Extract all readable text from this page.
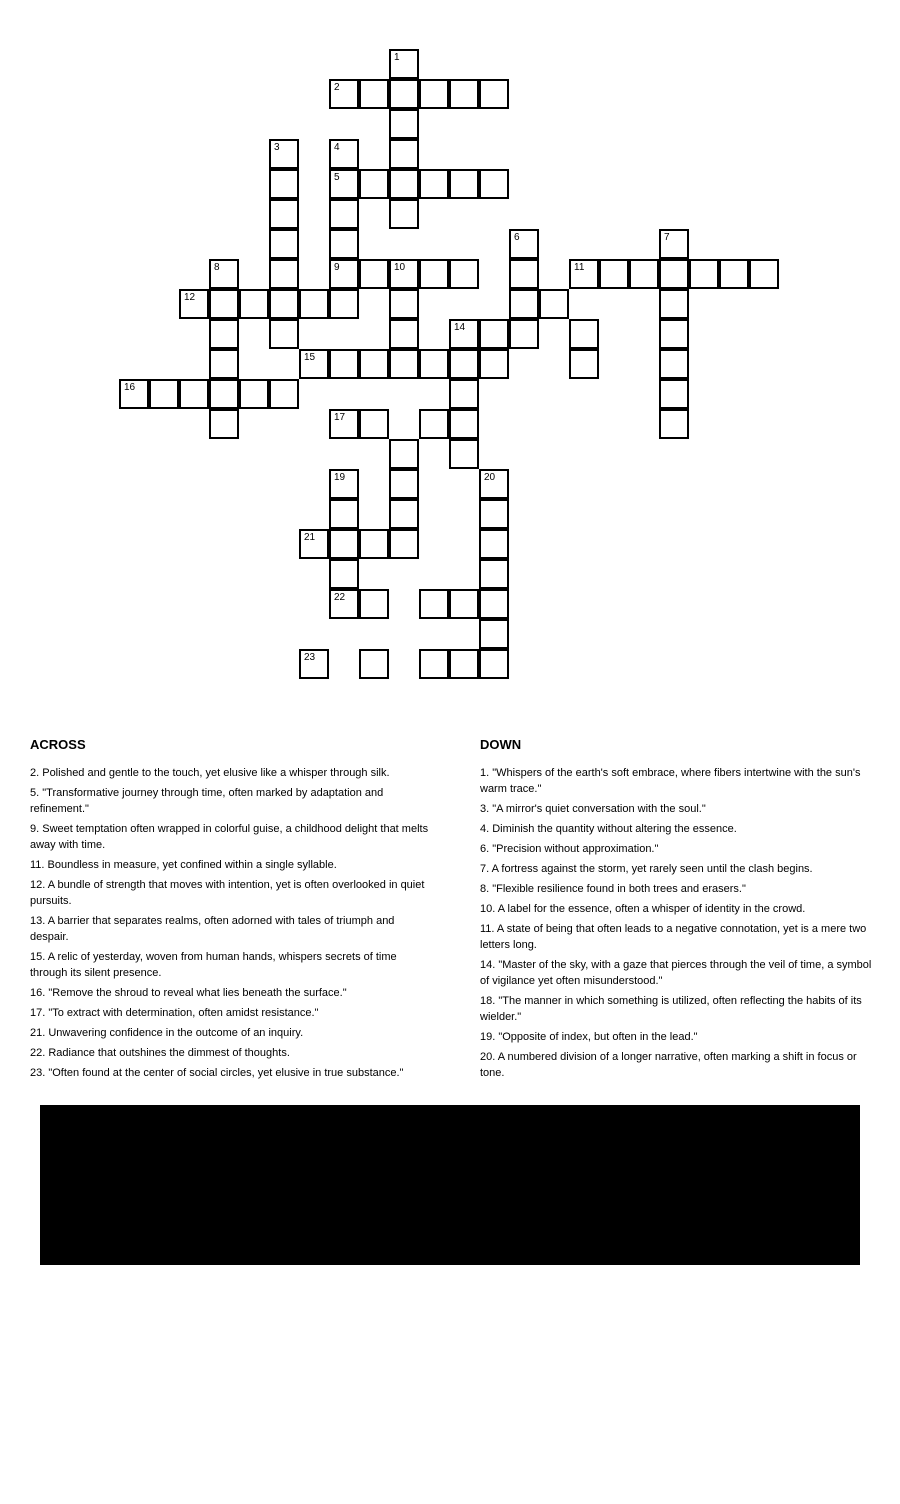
1
2
3	4
5
9
6	7
8	10	11
12
14
15
16
17
19
22
20
21
23
ACROSS
2. Polished and gentle to the touch, yet elusive like a whisper through silk.
5. "Transformative journey through time, often marked by adaptation and refinement."
9. Sweet temptation often wrapped in colorful guise, a childhood delight that melts away with time.
11. Boundless in measure, yet confined within a single syllable.
12. A bundle of strength that moves with intention, yet is often overlooked in quiet pursuits.
13. A barrier that separates realms, often adorned with tales of triumph and despair.
15. A relic of yesterday, woven from human hands, whispers secrets of time through its silent presence.
16. "Remove the shroud to reveal what lies beneath the surface."
17. "To extract with determination, often amidst resistance."
21. Unwavering confidence in the outcome of an inquiry.
22. Radiance that outshines the dimmest of thoughts.
23. "Often found at the center of social circles, yet elusive in true substance."
DOWN
1. "Whispers of the earth's soft embrace, where fibers intertwine with the sun's warm trace."
3. "A mirror's quiet conversation with the soul."
4. Diminish the quantity without altering the essence.
6. "Precision without approximation."
7. A fortress against the storm, yet rarely seen until the clash begins.
8. "Flexible resilience found in both trees and erasers."
10. A label for the essence, often a whisper of identity in the crowd.
11. A state of being that often leads to a negative connotation, yet is a mere two letters long.
14. "Master of the sky, with a gaze that pierces through the veil of time, a symbol of vigilance yet often misunderstood."
18. "The manner in which something is utilized, often reflecting the habits of its wielder."
19. "Opposite of index, but often in the lead."
20. A numbered division of a longer narrative, often marking a shift in focus or tone.
